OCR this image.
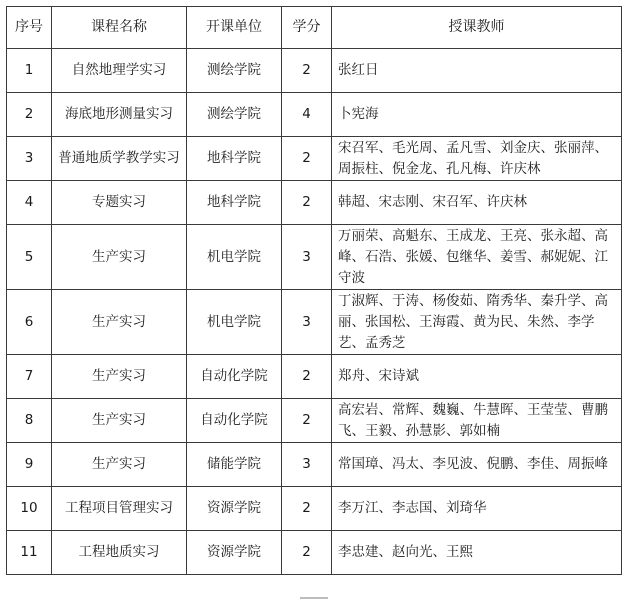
序号	课程名称	开课单位	学分	授课教师
1	自然地理学实习	测绘学院	2	张红日
2	海底地形测量实习	测绘学院	4	卜宪海
3	普通地质学教学实习	地科学院	2	宋召军、毛光周、孟凡雪、刘金庆、张丽萍、周振柱、倪金龙、孔凡梅、许庆林
4	专题实习	地科学院	2	韩超、宋志刚、宋召军、许庆林
5	生产实习	机电学院	3	万丽荣、高魁东、王成龙、王亮、张永超、高峰、石浩、张媛、包继华、姜雪、郝妮妮、江守波
6	生产实习	机电学院	3	丁淑辉、于涛、杨俊茹、隋秀华、秦升学、高丽、张国松、王海霞、黄为民、朱然、李学艺、孟秀芝
7	生产实习	自动化学院	2	郑舟、宋诗斌
8	生产实习	自动化学院	2	高宏岩、常辉、魏巍、牛慧晖、王莹莹、曹鹏飞、王毅、孙慧影、郭如楠
9	生产实习	储能学院	3	常国璋、冯太、李见波、倪鹏、李佳、周振峰
10	工程项目管理实习	资源学院	2	李万江、李志国、刘琦华
11	工程地质实习	资源学院	2	李忠建、赵向光、王熙
